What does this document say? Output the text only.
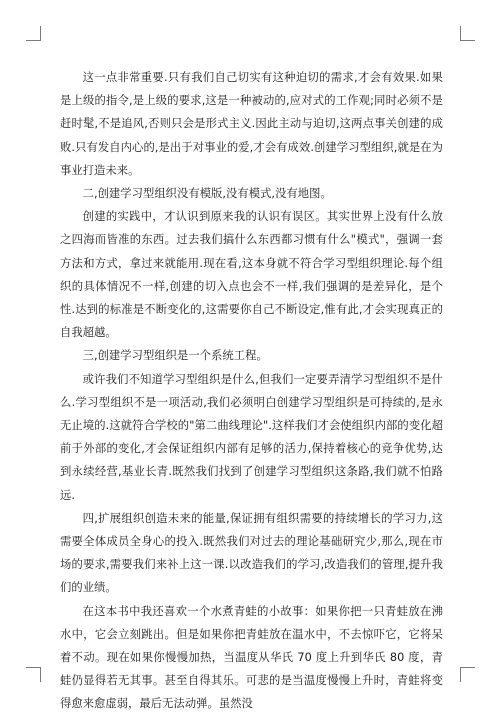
这一点非常重要.只有我们自己切实有这种迫切的需求,才会有效果.如果是上级的指令,是上级的要求,这是一种被动的,应对式的工作观;同时必须不是赶时髦,不是追风,否则只会是形式主义.因此主动与迫切,这两点事关创建的成败.只有发自内心的,是出于对事业的爱,才会有成效.创建学习型组织,就是在为事业打造未来。

二,创建学习型组织没有模版,没有模式,没有地图。

创建的实践中，才认识到原来我的认识有误区。其实世界上没有什么放之四海而皆准的东西。过去我们搞什么东西都习惯有什么"模式"，强调一套方法和方式，拿过来就能用.现在看,这本身就不符合学习型组织理论.每个组织的具体情况不一样,创建的切入点也会不一样,我们强调的是差异化，是个性.达到的标准是不断变化的,这需要你自己不断设定,惟有此,才会实现真正的自我超越。

三,创建学习型组织是一个系统工程。

或许我们不知道学习型组织是什么,但我们一定要弄清学习型组织不是什么.学习型组织不是一项活动,我们必须明白创建学习型组织是可持续的,是永无止境的.这就符合学校的"第二曲线理论".这样我们才会使组织内部的变化超前于外部的变化,才会保证组织内部有足够的活力,保持着核心的竞争优势,达到永续经营,基业长青.既然我们找到了创建学习型组织这条路,我们就不怕路远.

四,扩展组织创造未来的能量,保证拥有组织需要的持续增长的学习力,这需要全体成员全身心的投入.既然我们对过去的理论基础研究少,那么,现在市场的要求,需要我们来补上这一课.以改造我们的学习,改造我们的管理,提升我们的业绩。

在这本书中我还喜欢一个水煮青蛙的小故事：如果你把一只青蛙放在沸水中，它会立刻跳出。但是如果你把青蛙放在温水中，不去惊吓它，它将呆着不动。现在如果你慢慢加热，当温度从华氏 70 度上升到华氏 80 度，青蛙仍显得若无其事。甚至自得其乐。可悲的是当温度慢慢上升时，青蛙将变得愈来愈虚弱，最后无法动弹。虽然没
